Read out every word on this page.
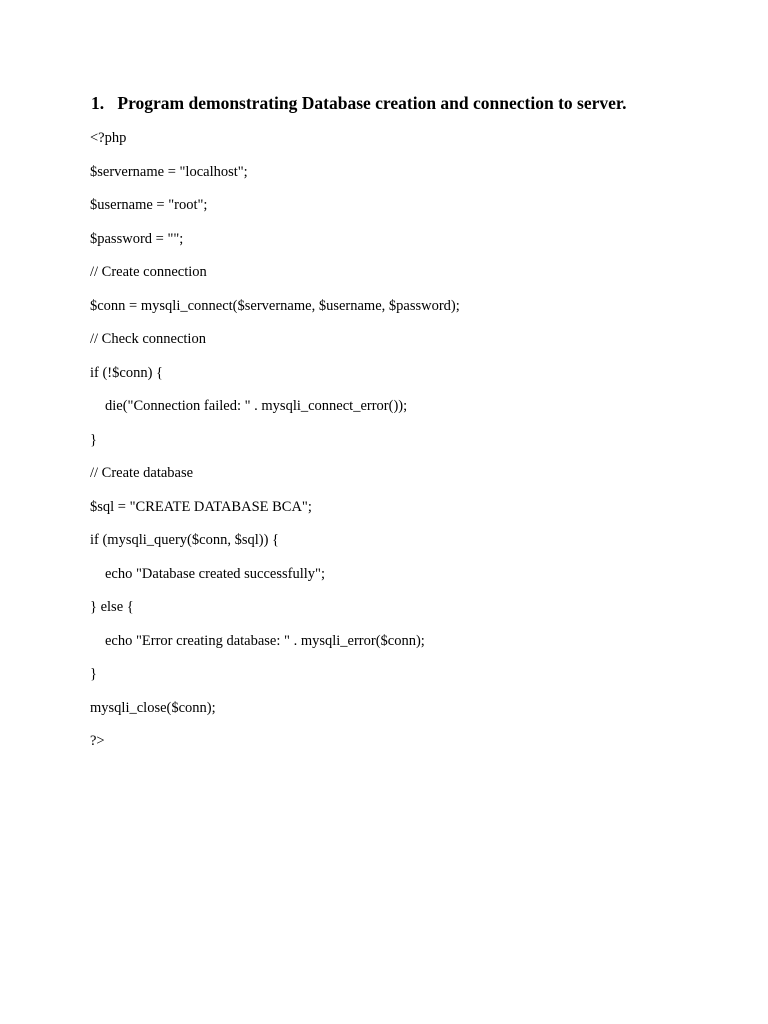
1. Program demonstrating Database creation and connection to server.
<?php
$servername = "localhost";
$username = "root";
$password = "";
// Create connection
$conn = mysqli_connect($servername, $username, $password);
// Check connection
if (!$conn) {
die("Connection failed: " . mysqli_connect_error());
}
// Create database
$sql = "CREATE DATABASE BCA";
if (mysqli_query($conn, $sql)) {
echo "Database created successfully";
} else {
echo "Error creating database: " . mysqli_error($conn);
}
mysqli_close($conn);
?>
